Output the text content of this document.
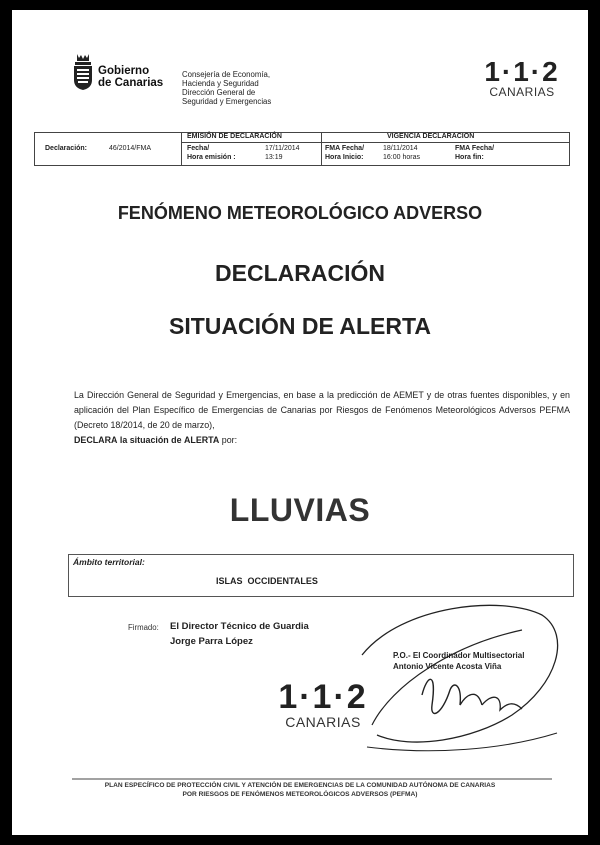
Gobierno
de Canarias
Consejería de Economía,
Hacienda y Seguridad
Dirección General de
Seguridad y Emergencias
1·1·2
CANARIAS
Declaración:	46/2014/FMA
EMISIÓN DE DECLARACIÓN
Fecha/	17/11/2014
Hora emisión :	13:19
VIGENCIA DECLARACION
FMA Fecha/	18/11/2014
Hora Inicio:	16:00 horas
FMA Fecha/
Hora fin:
FENÓMENO METEOROLÓGICO ADVERSO
DECLARACIÓN
SITUACIÓN DE ALERTA
La Dirección General de Seguridad y Emergencias, en base a la predicción de AEMET y de otras fuentes disponibles, y en aplicación del Plan Específico de Emergencias de Canarias por Riesgos de Fenómenos Meteorológicos Adversos PEFMA (Decreto 18/2014, de 20 de marzo),
DECLARA la situación de ALERTA por:
LLUVIAS
Ámbito territorial:
ISLAS  OCCIDENTALES
Firmado: El Director Técnico de Guardia
Jorge Parra López
P.O.- El Coordinador Multisectorial
Antonio Vicente Acosta Viña
1·1·2
CANARIAS
PLAN ESPECÍFICO DE PROTECCIÓN CIVIL Y ATENCIÓN DE EMERGENCIAS DE LA COMUNIDAD AUTÓNOMA DE CANARIAS
POR RIESGOS DE FENÓMENOS METEOROLÓGICOS ADVERSOS (PEFMA)
